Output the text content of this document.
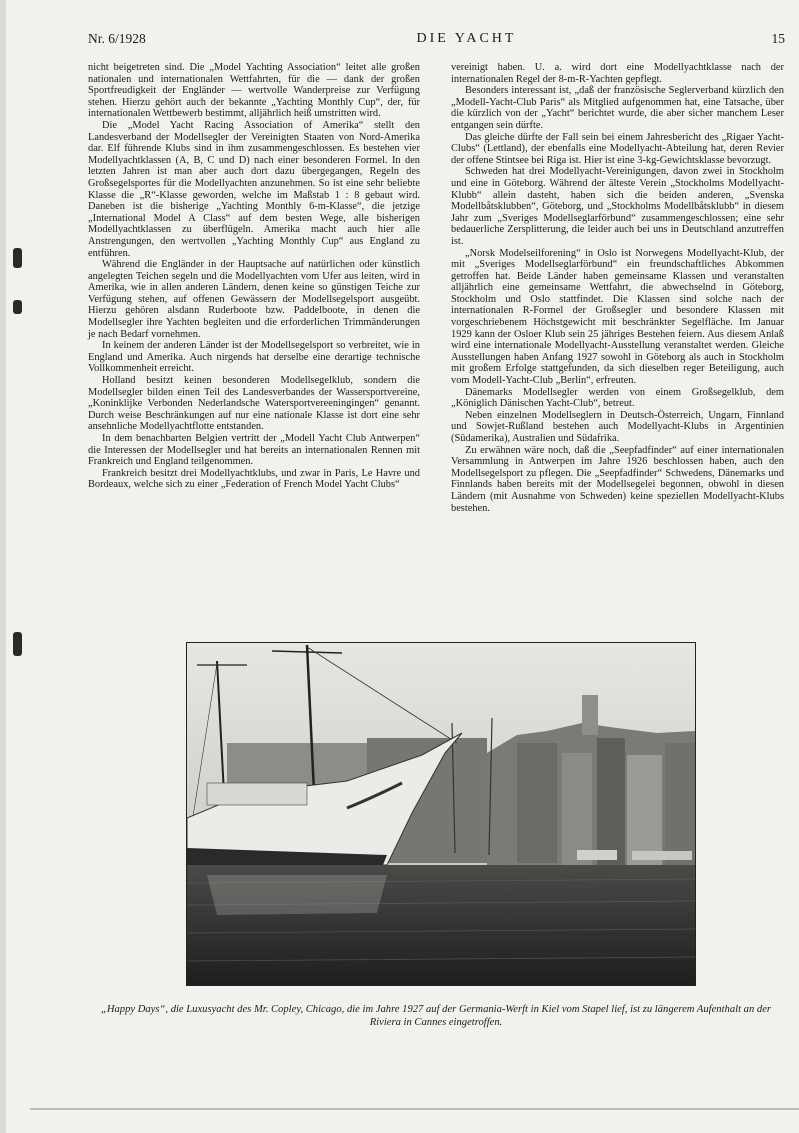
Nr. 6/1928	DIE YACHT	15

nicht beigetreten sind. Die „Model Yachting Association“ leitet alle großen nationalen und internationalen Wettfahrten, für die — dank der großen Sportfreudigkeit der Engländer — wertvolle Wanderpreise zur Verfügung stehen. Hierzu gehört auch der bekannte „Yachting Monthly Cup“, der, für internationalen Wettbewerb bestimmt, alljährlich heiß umstritten wird.

Die „Model Yacht Racing Association of Amerika“ stellt den Landesverband der Modellsegler der Vereinigten Staaten von Nord-Amerika dar. Elf führende Klubs sind in ihm zusammengeschlossen. Es bestehen vier Modellyachtklassen (A, B, C und D) nach einer besonderen Formel. In den letzten Jahren ist man aber auch dort dazu übergegangen, Regeln des Großsegelsportes für die Modellyachten anzunehmen. So ist eine sehr beliebte Klasse die „R“-Klasse geworden, welche im Maßstab 1 : 8 gebaut wird. Daneben ist die bisherige „Yachting Monthly 6-m-Klasse“, die jetzige „International Model A Class“ auf dem besten Wege, alle bisherigen Modellyachtklassen zu überflügeln. Amerika macht auch hier alle Anstrengungen, den wertvollen „Yachting Monthly Cup“ aus England zu entführen.

Während die Engländer in der Hauptsache auf natürlichen oder künstlich angelegten Teichen segeln und die Modellyachten vom Ufer aus leiten, wird in Amerika, wie in allen anderen Ländern, denen keine so günstigen Teiche zur Verfügung stehen, auf offenen Gewässern der Modellsegelsport ausgeübt. Hierzu gehören alsdann Ruderboote bzw. Paddelboote, in denen die Modellsegler ihre Yachten begleiten und die erforderlichen Trimmänderungen je nach Bedarf vornehmen.

In keinem der anderen Länder ist der Modellsegelsport so verbreitet, wie in England und Amerika. Auch nirgends hat derselbe eine derartige technische Vollkommenheit erreicht.

Holland besitzt keinen besonderen Modellsegelklub, sondern die Modellsegler bilden einen Teil des Landesverbandes der Wassersportvereine, „Koninklijke Verbonden Nederlandsche Watersportvereeningingen“ genannt. Durch weise Beschränkungen auf nur eine nationale Klasse ist dort eine sehr ansehnliche Modellyachtflotte entstanden.

In dem benachbarten Belgien vertritt der „Modell Yacht Club Antwerpen“ die Interessen der Modellsegler und hat bereits an internationalen Rennen mit Frankreich und England teilgenommen.

Frankreich besitzt drei Modellyachtklubs, und zwar in Paris, Le Havre und Bordeaux, welche sich zu einer „Federation of French Model Yacht Clubs“

vereinigt haben. U. a. wird dort eine Modellyachtklasse nach der internationalen Regel der 8-m-R-Yachten gepflegt.

Besonders interessant ist, „daß der französische Seglerverband kürzlich den „Modell-Yacht-Club Paris“ als Mitglied aufgenommen hat, eine Tatsache, über die kürzlich von der „Yacht“ berichtet wurde, die aber sicher manchem Leser entgangen sein dürfte.

Das gleiche dürfte der Fall sein bei einem Jahresbericht des „Rigaer Yacht-Clubs“ (Lettland), der ebenfalls eine Modellyacht-Abteilung hat, deren Revier der offene Stintsee bei Riga ist. Hier ist eine 3-kg-Gewichtsklasse bevorzugt.

Schweden hat drei Modellyacht-Vereinigungen, davon zwei in Stockholm und eine in Göteborg. Während der älteste Verein „Stockholms Modellyacht-Klubb“ allein dasteht, haben sich die beiden anderen, „Svenska Modellbåtsklubben“, Göteborg, und „Stockholms Modellbåtsklubb“ in diesem Jahr zum „Sveriges Modellseglarförbund“ zusammengeschlossen; eine sehr bedauerliche Zersplitterung, die leider auch bei uns in Deutschland anzutreffen ist.

„Norsk Modelseilforening“ in Oslo ist Norwegens Modellyacht-Klub, der mit „Sveriges Modellseglarförbund“ ein freundschaftliches Abkommen getroffen hat. Beide Länder haben gemeinsame Klassen und veranstalten alljährlich eine gemeinsame Wettfahrt, die abwechselnd in Göteborg, Stockholm und Oslo stattfindet. Die Klassen sind solche nach der internationalen R-Formel der Großsegler und besondere Klassen mit vorgeschriebenem Höchstgewicht mit beschränkter Segelfläche. Im Januar 1929 kann der Osloer Klub sein 25 jähriges Bestehen feiern. Aus diesem Anlaß wird eine internationale Modellyacht-Ausstellung veranstaltet werden. Gleiche Ausstellungen haben Anfang 1927 sowohl in Göteborg als auch in Stockholm mit großem Erfolge stattgefunden, da sich dieselben reger Beteiligung, auch vom Modell-Yacht-Club „Berlin“, erfreuten.

Dänemarks Modellsegler werden von einem Großsegelklub, dem „Königlich Dänischen Yacht-Club“, betreut.

Neben einzelnen Modellseglern in Deutsch-Österreich, Ungarn, Finnland und Sowjet-Rußland bestehen auch Modellyacht-Klubs in Argentinien (Südamerika), Australien und Südafrika.

Zu erwähnen wäre noch, daß die „Seepfadfinder“ auf einer internationalen Versammlung in Antwerpen im Jahre 1926 beschlossen haben, auch den Modellsegelsport zu pflegen. Die „Seepfadfinder“ Schwedens, Dänemarks und Finnlands haben bereits mit der Modellsegelei begonnen, obwohl in diesen Ländern (mit Ausnahme von Schweden) keine speziellen Modellyacht-Klubs bestehen.

„Happy Days“, die Luxusyacht des Mr. Copley, Chicago, die im Jahre 1927 auf der Germania-Werft in Kiel vom Stapel lief, ist zu längerem Aufenthalt an der Riviera in Cannes eingetroffen.
